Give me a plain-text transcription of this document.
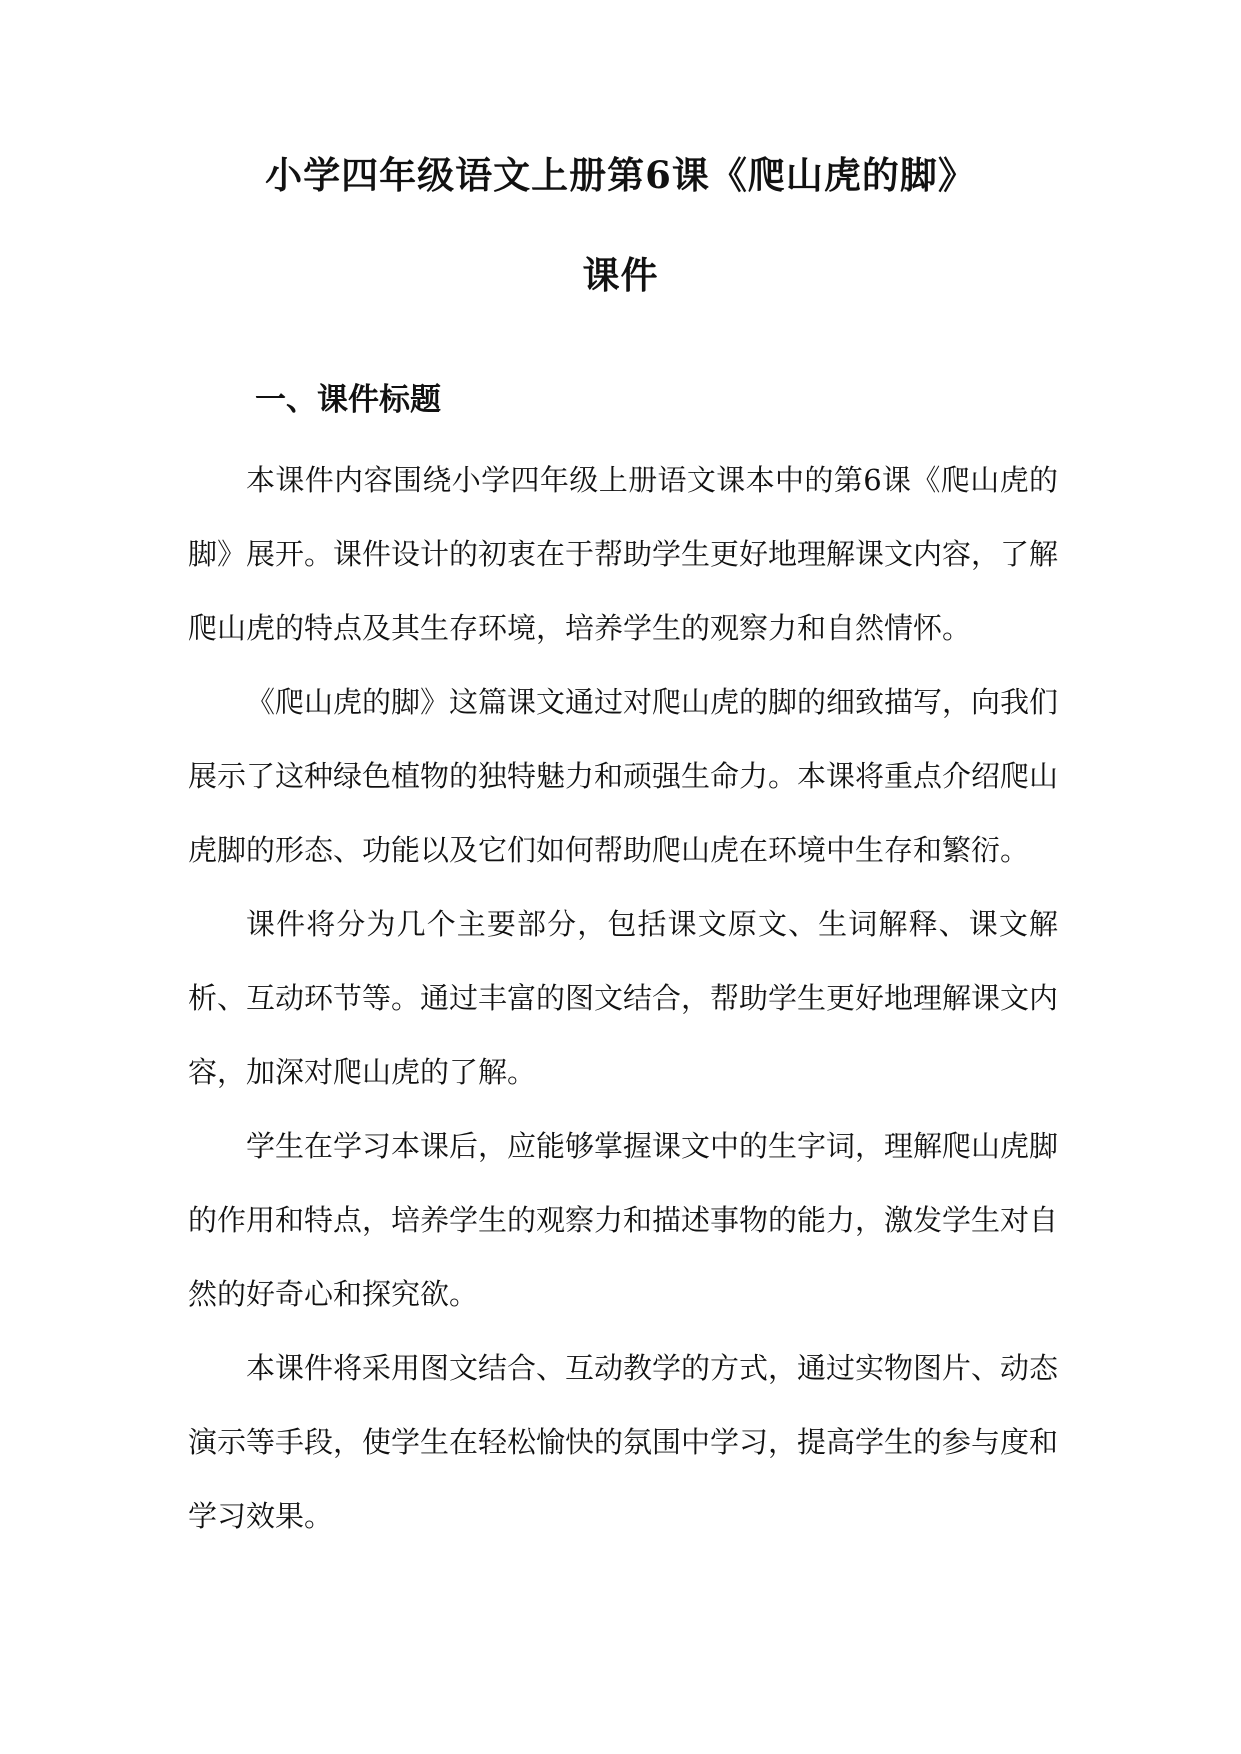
小学四年级语文上册第6课《爬山虎的脚》
课件
一、课件标题

本课件内容围绕小学四年级上册语文课本中的第6课《爬山虎的脚》展开。课件设计的初衷在于帮助学生更好地理解课文内容，了解爬山虎的特点及其生存环境，培养学生的观察力和自然情怀。

《爬山虎的脚》这篇课文通过对爬山虎的脚的细致描写，向我们展示了这种绿色植物的独特魅力和顽强生命力。本课将重点介绍爬山虎脚的形态、功能以及它们如何帮助爬山虎在环境中生存和繁衍。

课件将分为几个主要部分，包括课文原文、生词解释、课文解析、互动环节等。通过丰富的图文结合，帮助学生更好地理解课文内容，加深对爬山虎的了解。

学生在学习本课后，应能够掌握课文中的生字词，理解爬山虎脚的作用和特点，培养学生的观察力和描述事物的能力，激发学生对自然的好奇心和探究欲。

本课件将采用图文结合、互动教学的方式，通过实物图片、动态演示等手段，使学生在轻松愉快的氛围中学习，提高学生的参与度和学习效果。
